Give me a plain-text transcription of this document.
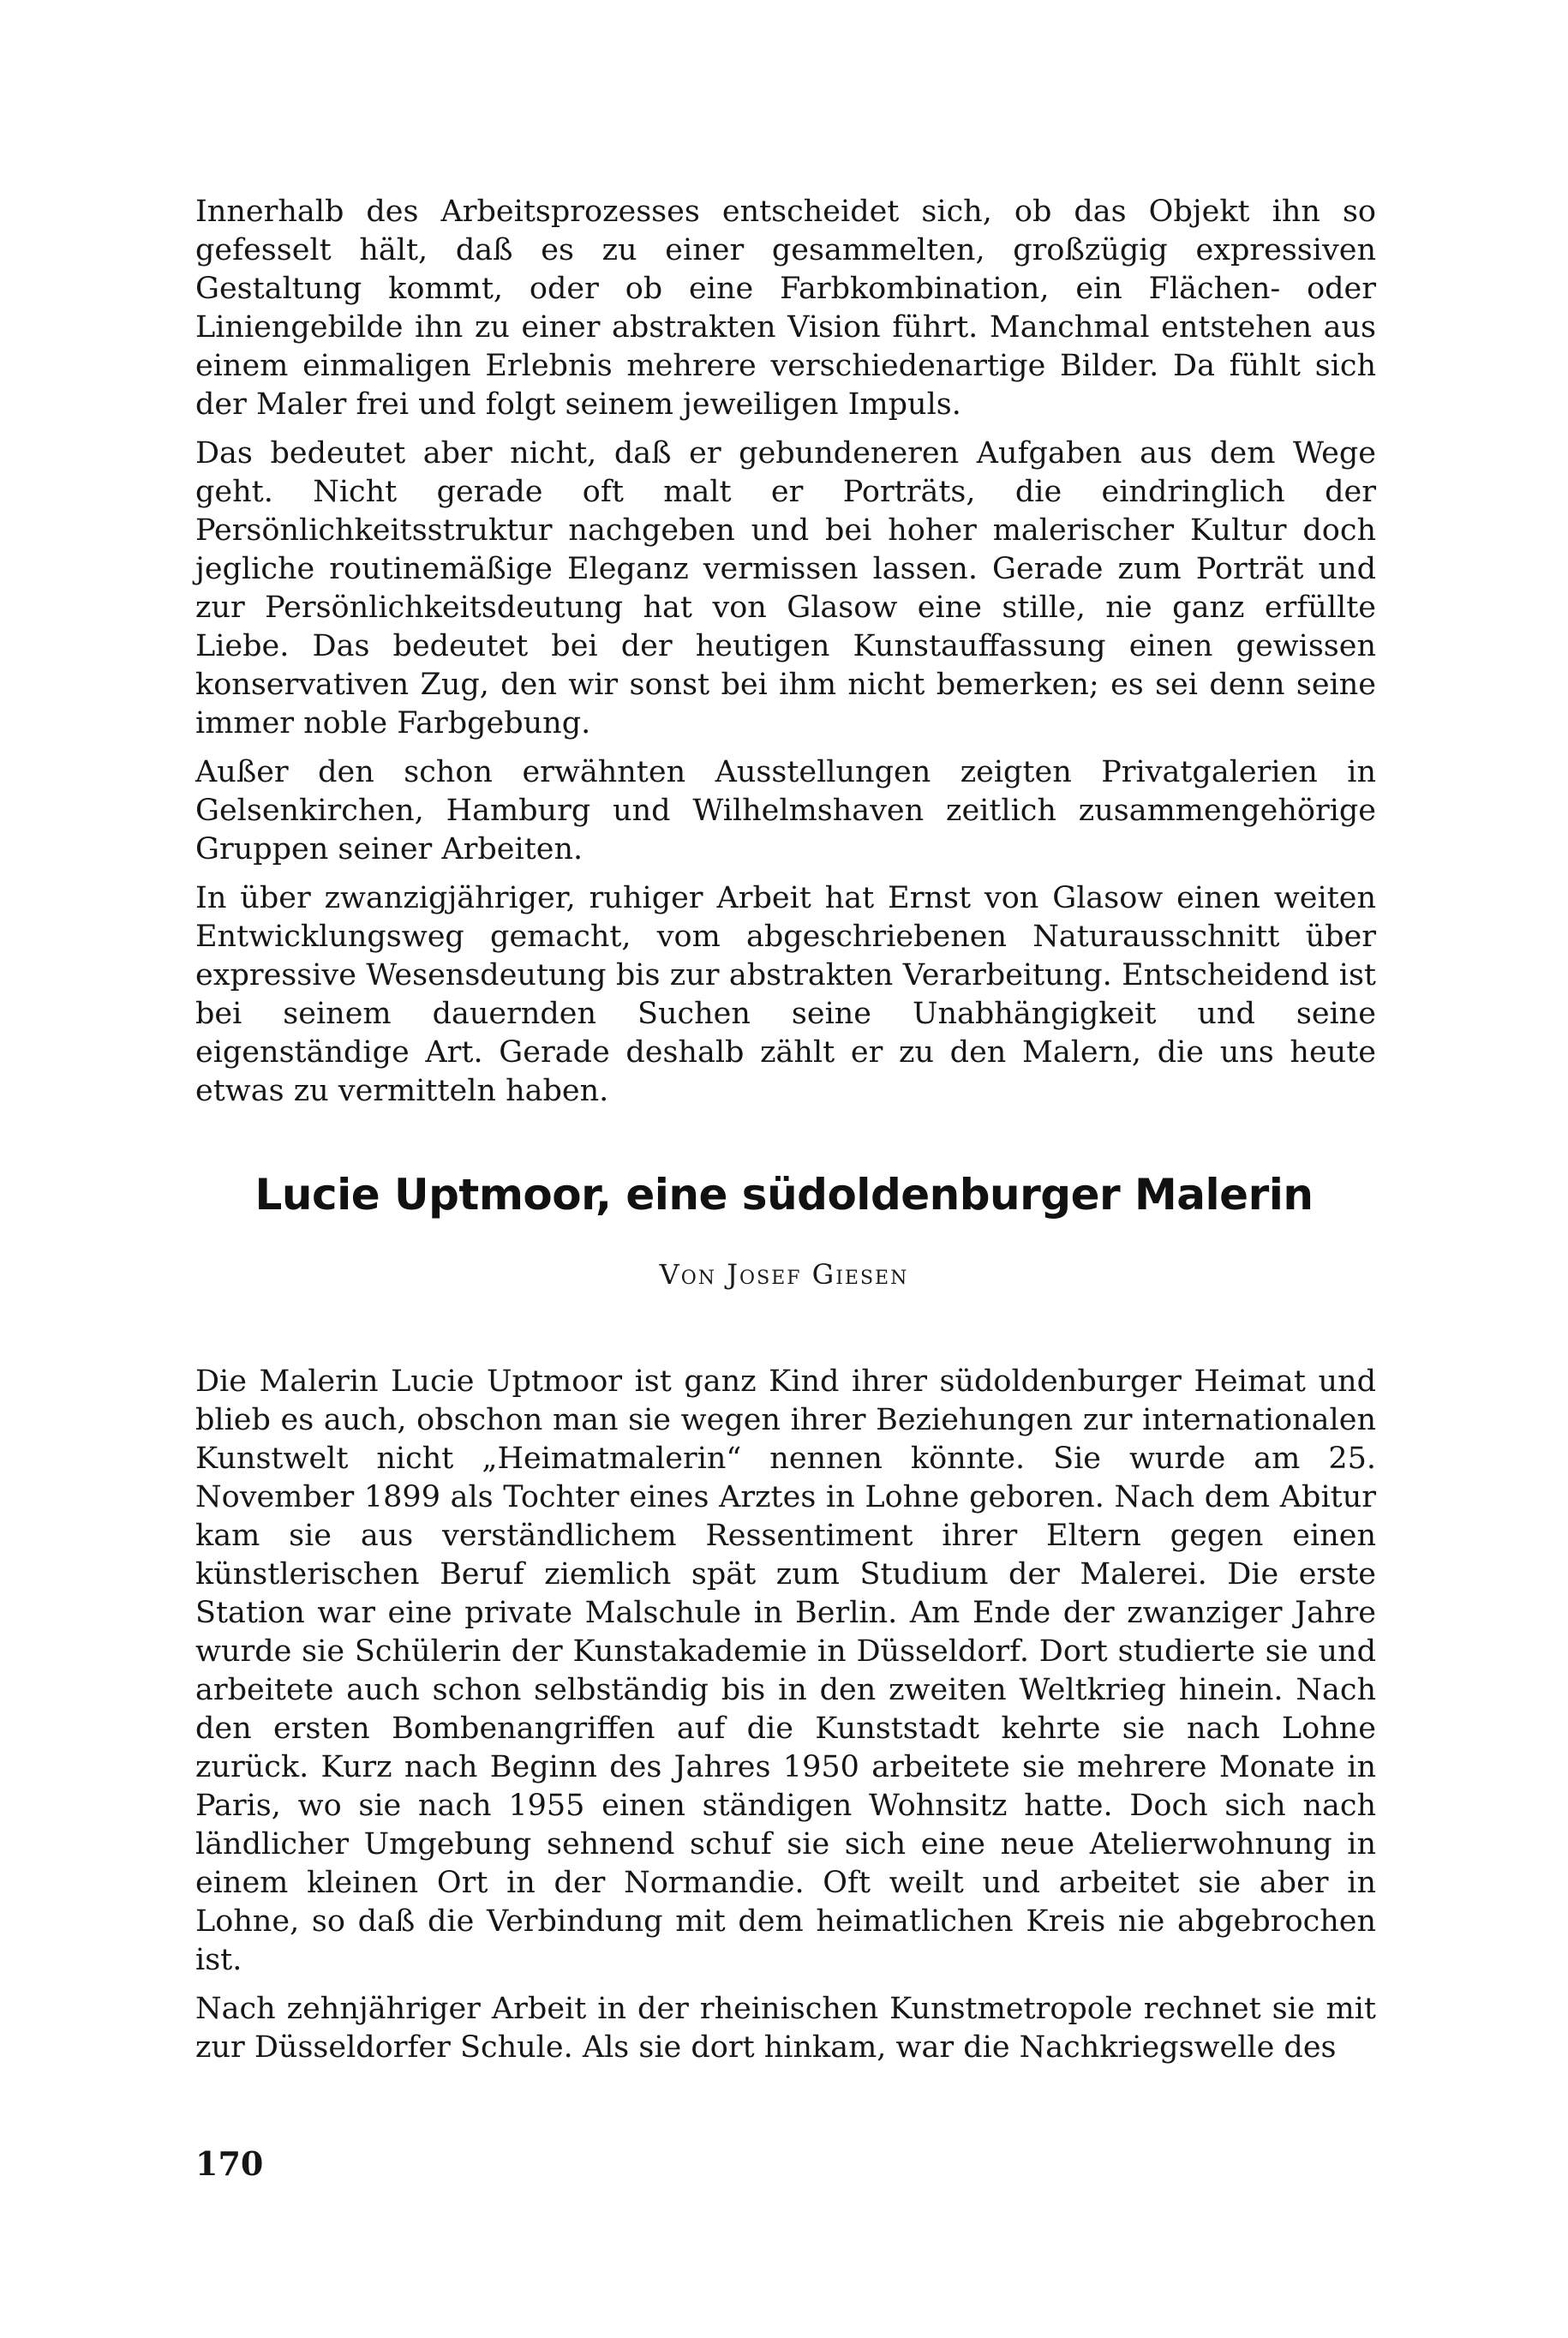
Innerhalb des Arbeitsprozesses entscheidet sich, ob das Objekt ihn so gefesselt hält, daß es zu einer gesammelten, großzügig expressiven Gestaltung kommt, oder ob eine Farbkombination, ein Flächen- oder Liniengebilde ihn zu einer abstrakten Vision führt. Manchmal entstehen aus einem einmaligen Erlebnis mehrere verschiedenartige Bilder. Da fühlt sich der Maler frei und folgt seinem jeweiligen Impuls.

Das bedeutet aber nicht, daß er gebundeneren Aufgaben aus dem Wege geht. Nicht gerade oft malt er Porträts, die eindringlich der Persönlichkeitsstruktur nachgeben und bei hoher malerischer Kultur doch jegliche routinemäßige Eleganz vermissen lassen. Gerade zum Porträt und zur Persönlichkeitsdeutung hat von Glasow eine stille, nie ganz erfüllte Liebe. Das bedeutet bei der heutigen Kunstauffassung einen gewissen konservativen Zug, den wir sonst bei ihm nicht bemerken; es sei denn seine immer noble Farbgebung.

Außer den schon erwähnten Ausstellungen zeigten Privatgalerien in Gelsenkirchen, Hamburg und Wilhelmshaven zeitlich zusammengehörige Gruppen seiner Arbeiten.

In über zwanzigjähriger, ruhiger Arbeit hat Ernst von Glasow einen weiten Entwicklungsweg gemacht, vom abgeschriebenen Naturausschnitt über expressive Wesensdeutung bis zur abstrakten Verarbeitung. Entscheidend ist bei seinem dauernden Suchen seine Unabhängigkeit und seine eigenständige Art. Gerade deshalb zählt er zu den Malern, die uns heute etwas zu vermitteln haben.

Lucie Uptmoor, eine südoldenburger Malerin
Von Josef Giesen

Die Malerin Lucie Uptmoor ist ganz Kind ihrer südoldenburger Heimat und blieb es auch, obschon man sie wegen ihrer Beziehungen zur internationalen Kunstwelt nicht „Heimatmalerin“ nennen könnte. Sie wurde am 25. November 1899 als Tochter eines Arztes in Lohne geboren. Nach dem Abitur kam sie aus verständlichem Ressentiment ihrer Eltern gegen einen künstlerischen Beruf ziemlich spät zum Studium der Malerei. Die erste Station war eine private Malschule in Berlin. Am Ende der zwanziger Jahre wurde sie Schülerin der Kunstakademie in Düsseldorf. Dort studierte sie und arbeitete auch schon selbständig bis in den zweiten Weltkrieg hinein. Nach den ersten Bombenangriffen auf die Kunststadt kehrte sie nach Lohne zurück. Kurz nach Beginn des Jahres 1950 arbeitete sie mehrere Monate in Paris, wo sie nach 1955 einen ständigen Wohnsitz hatte. Doch sich nach ländlicher Umgebung sehnend schuf sie sich eine neue Atelierwohnung in einem kleinen Ort in der Normandie. Oft weilt und arbeitet sie aber in Lohne, so daß die Verbindung mit dem heimatlichen Kreis nie abgebrochen ist.

Nach zehnjähriger Arbeit in der rheinischen Kunstmetropole rechnet sie mit zur Düsseldorfer Schule. Als sie dort hinkam, war die Nachkriegswelle des

170
